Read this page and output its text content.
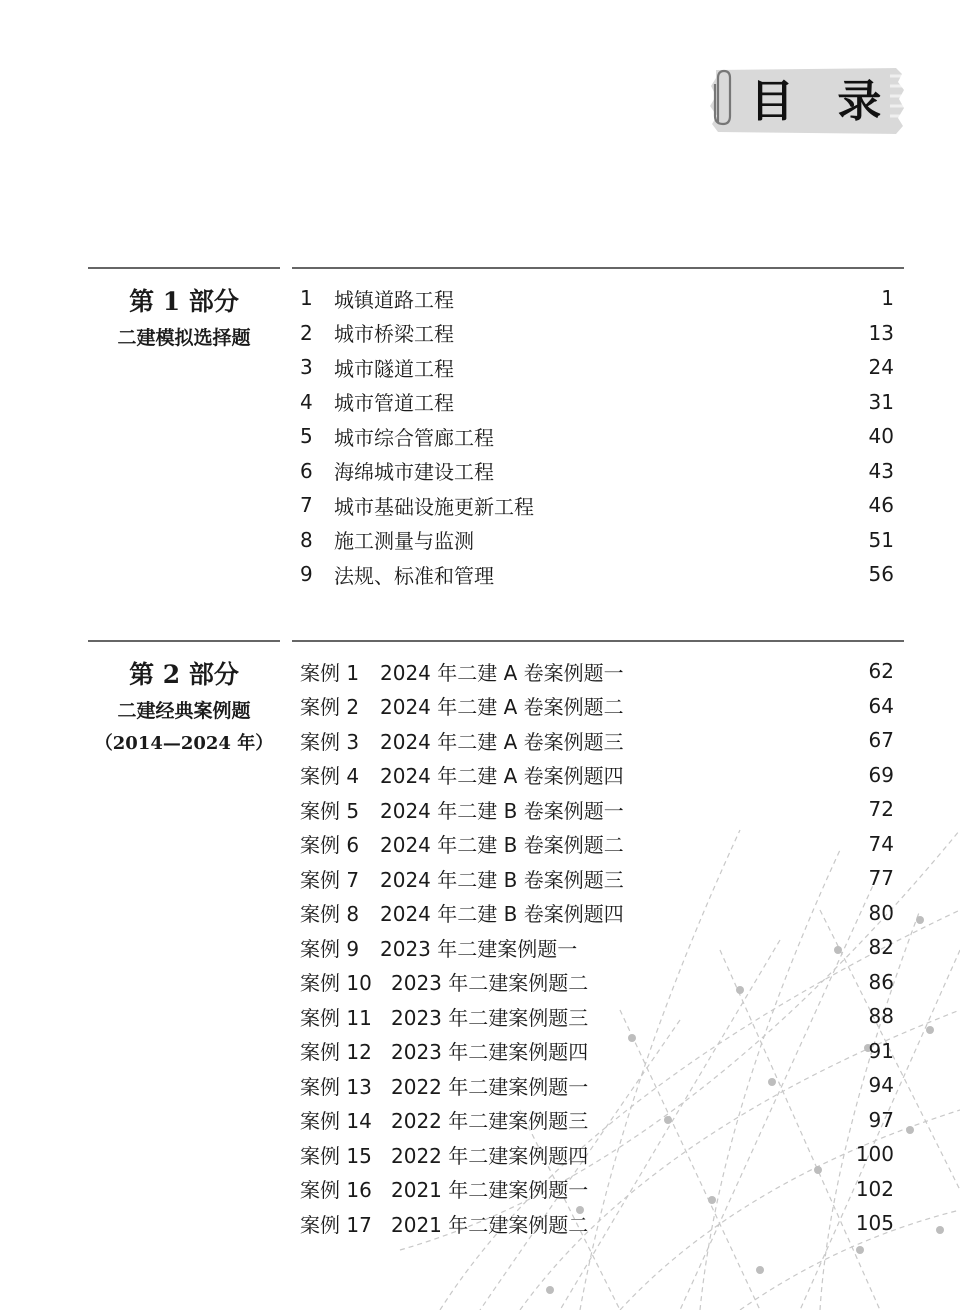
目 录
第 1 部分
二建模拟选择题
1	城镇道路工程	1
2	城市桥梁工程	13
3	城市隧道工程	24
4	城市管道工程	31
5	城市综合管廊工程	40
6	海绵城市建设工程	43
7	城市基础设施更新工程	46
8	施工测量与监测	51
9	法规、标准和管理	56
第 2 部分
二建经典案例题
（2014—2024 年）
案例 1	2024 年二建 A 卷案例题一	62
案例 2	2024 年二建 A 卷案例题二	64
案例 3	2024 年二建 A 卷案例题三	67
案例 4	2024 年二建 A 卷案例题四	69
案例 5	2024 年二建 B 卷案例题一	72
案例 6	2024 年二建 B 卷案例题二	74
案例 7	2024 年二建 B 卷案例题三	77
案例 8	2024 年二建 B 卷案例题四	80
案例 9	2023 年二建案例题一	82
案例 10 2023 年二建案例题二	86
案例 11 2023 年二建案例题三	88
案例 12 2023 年二建案例题四	91
案例 13 2022 年二建案例题一	94
案例 14 2022 年二建案例题三	97
案例 15 2022 年二建案例题四	100
案例 16 2021 年二建案例题一	102
案例 17 2021 年二建案例题二	105
